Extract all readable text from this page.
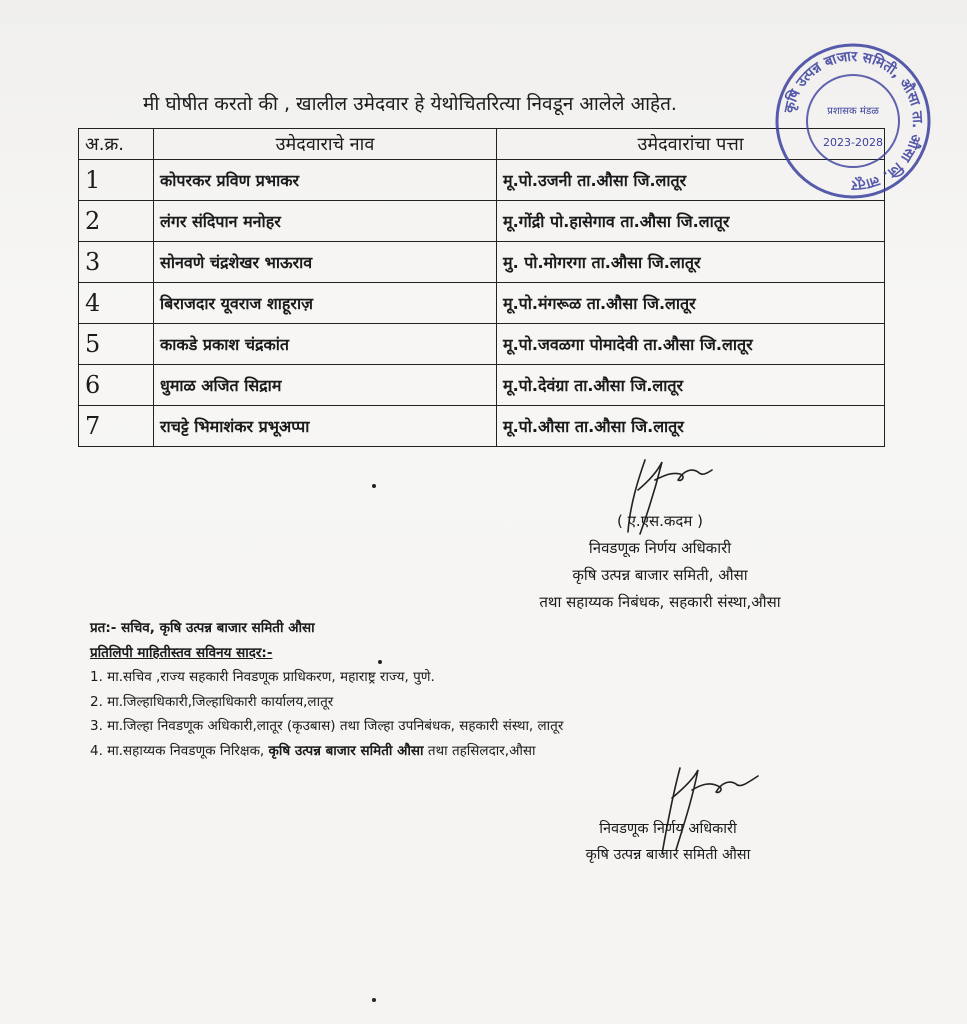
मी घोषीत करतो की , खालील उमेदवार हे येथोचितरित्या निवडून आलेले आहेत.
अ.क्र.	उमेदवाराचे नाव	उमेदवारांचा पत्ता
1	कोपरकर प्रविण प्रभाकर	मू.पो.उजनी ता.औसा जि.लातूर
2	लंगर संदिपान मनोहर	मू.गोंद्री पो.हासेगाव ता.औसा जि.लातूर
3	सोनवणे चंद्रशेखर भाऊराव	मु. पो.मोगरगा ता.औसा जि.लातूर
4	बिराजदार यूवराज शाहूराज़	मू.पो.मंगरूळ ता.औसा जि.लातूर
5	काकडे प्रकाश चंद्रकांत	मू.पो.जवळगा पोमादेवी ता.औसा जि.लातूर
6	धुमाळ अजित सिद्राम	मू.पो.देवंग्रा ता.औसा जि.लातूर
7	राचट्टे भिमाशंकर प्रभूअप्पा	मू.पो.औसा ता.औसा जि.लातूर
कृषि उत्पन्न बाजार समिती, औसा ता. औसा जि. लातूर
प्रशासक मंडळ
2023-2028
( ए.एस.कदम )
निवडणूक निर्णय अधिकारी
कृषि उत्पन्न बाजार समिती, औसा
तथा सहाय्यक निबंधक, सहकारी संस्था,औसा
प्रत:- सचिव, कृषि उत्पन्न बाजार समिती औसा
प्रतिलिपी माहितीस्तव सविनय सादर:-
1. मा.सचिव ,राज्य सहकारी निवडणूक प्राधिकरण, महाराष्ट्र राज्य, पुणे.
2. मा.जिल्हाधिकारी,जिल्हाधिकारी कार्यालय,लातूर
3. मा.जिल्हा निवडणूक अधिकारी,लातूर (कृउबास) तथा जिल्हा उपनिबंधक, सहकारी संस्था, लातूर
4. मा.सहाय्यक निवडणूक निरिक्षक, कृषि उत्पन्न बाजार समिती औसा तथा तहसिलदार,औसा
निवडणूक निर्णय अधिकारी
कृषि उत्पन्न बाजार समिती औसा
